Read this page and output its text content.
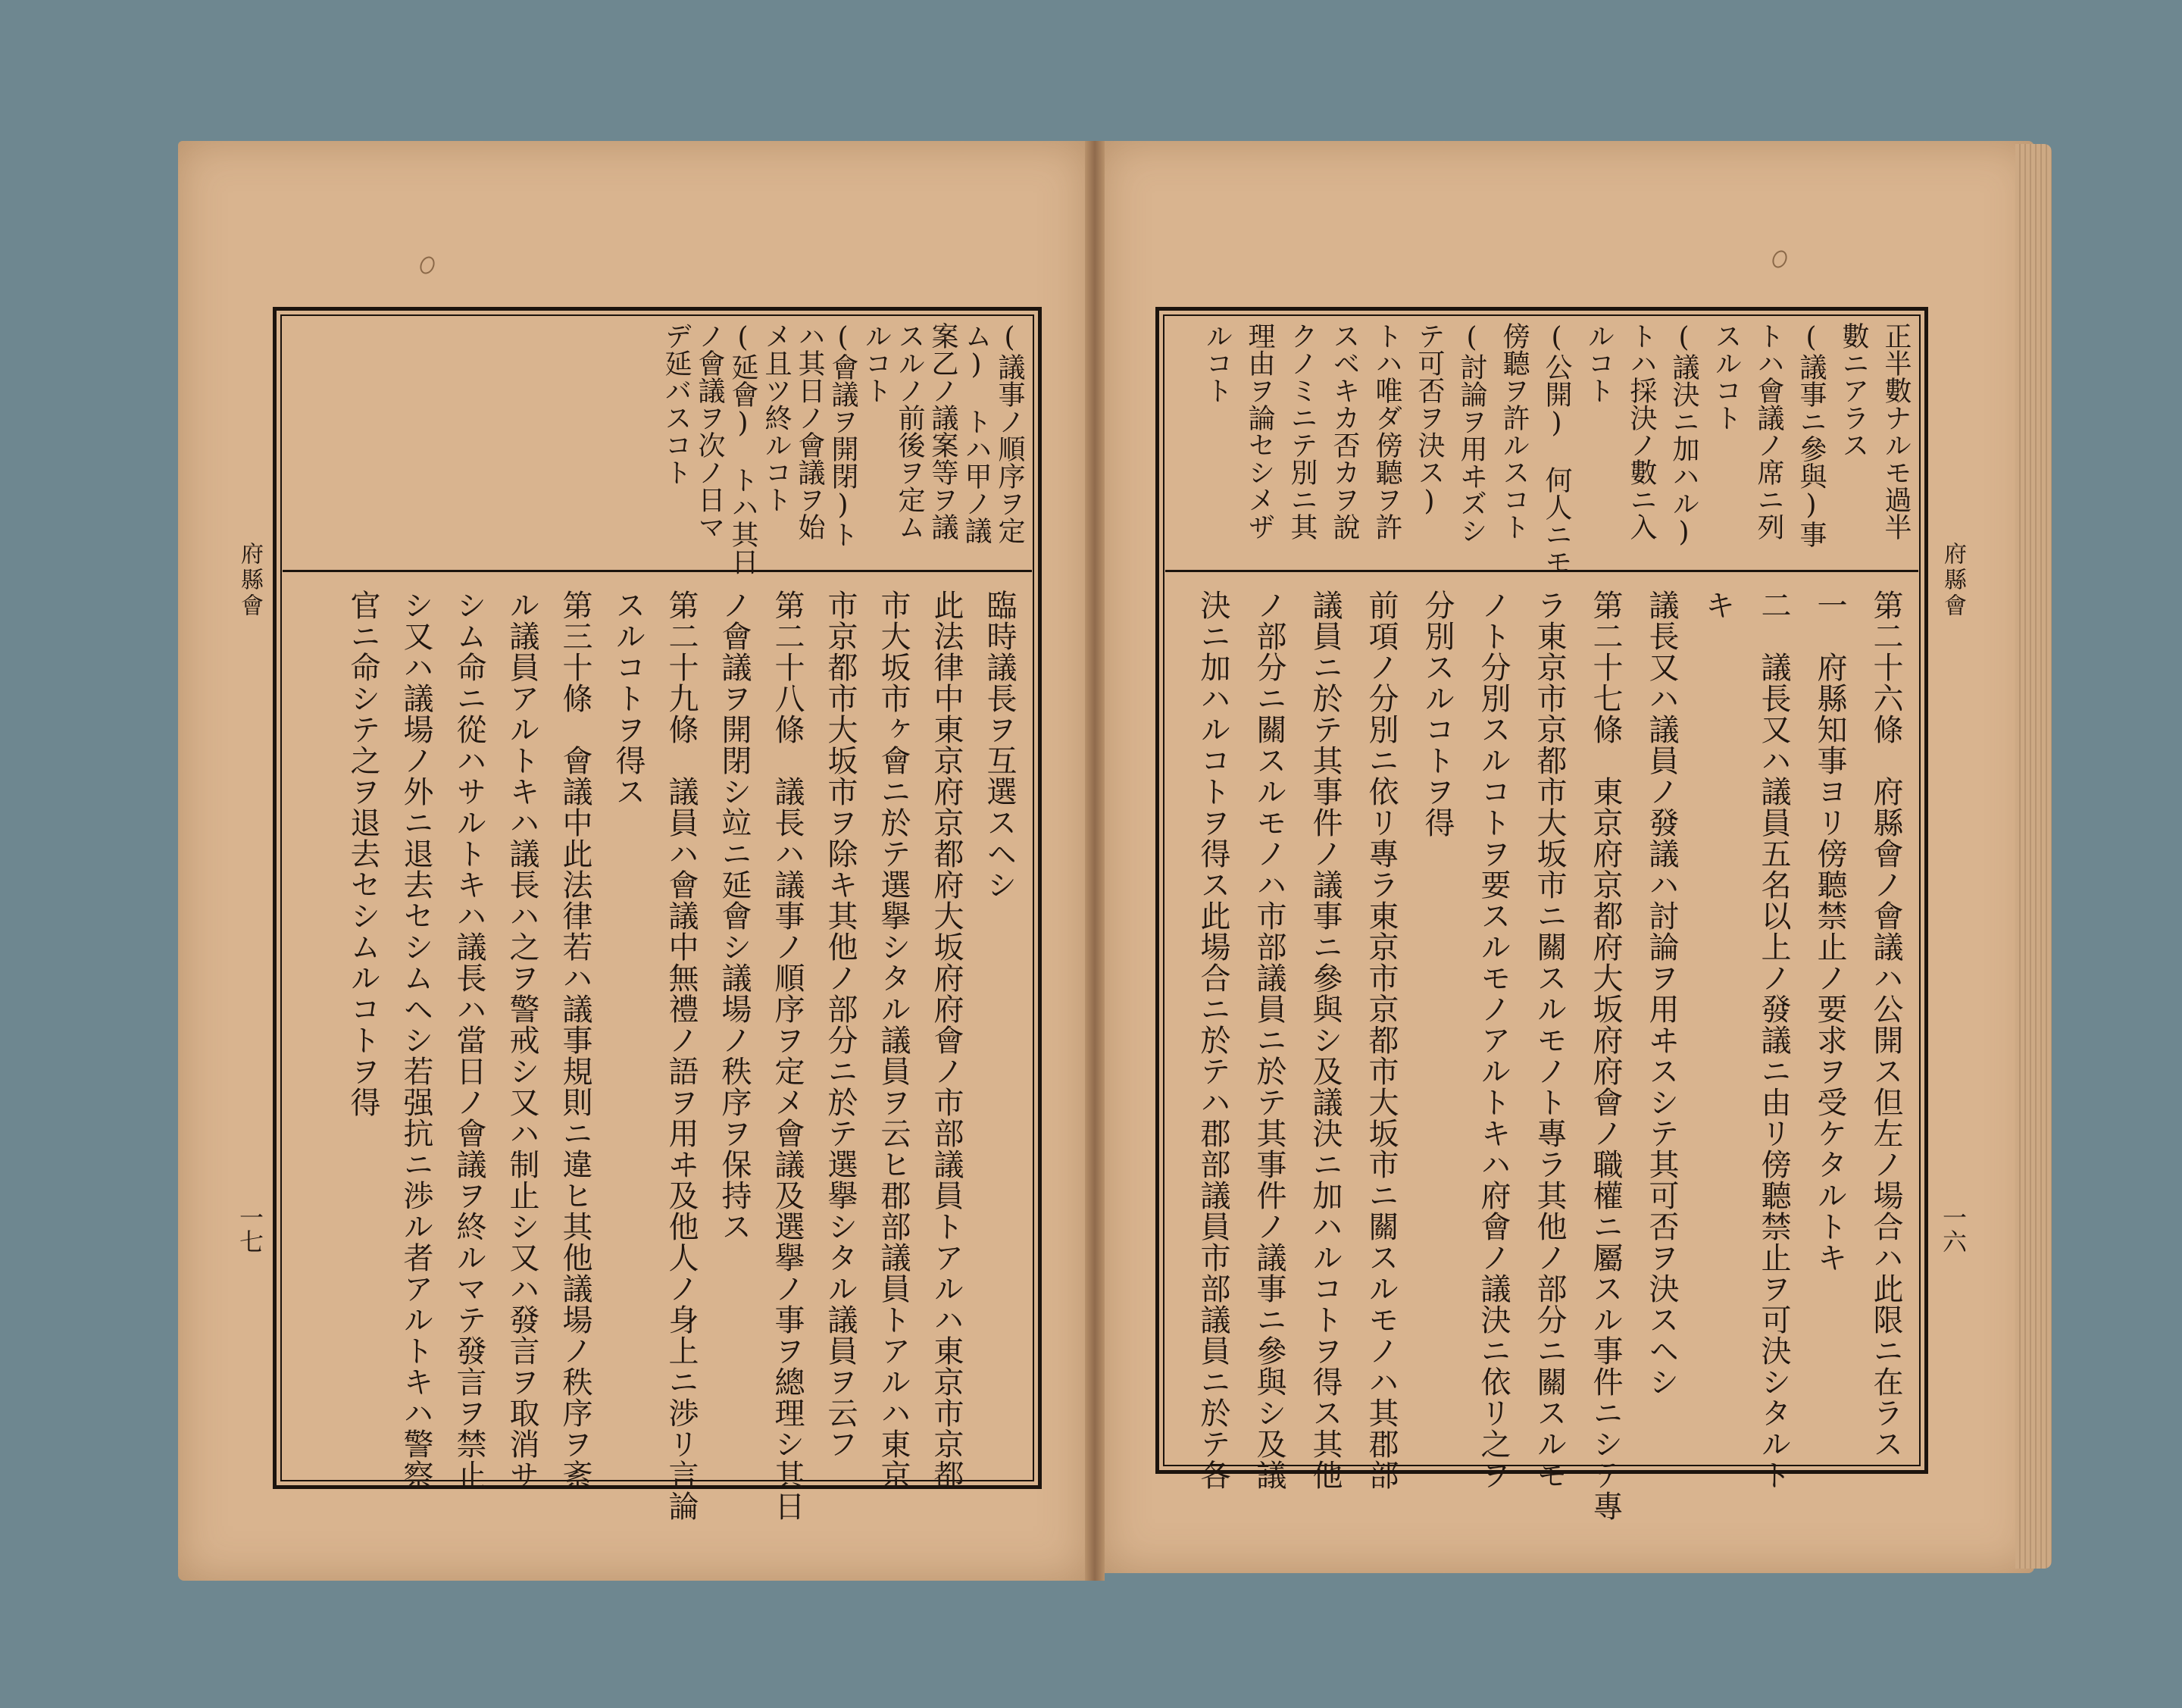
府縣會
一七
(議事ノ順序ヲ定
ム)　トハ甲ノ議
案乙ノ議案等ヲ議
スルノ前後ヲ定ム
ルコト
(會議ヲ開閉)ト
ハ其日ノ會議ヲ始
メ且ツ終ルコト
(延會)　トハ其日
ノ會議ヲ次ノ日マ
デ延バスコト
臨時議長ヲ互選スヘシ
此法律中東京府京都府大坂府府會ノ市部議員トアルハ東京市京都
市大坂市ヶ會ニ於テ選擧シタル議員ヲ云ヒ郡部議員トアルハ東京
市京都市大坂市ヲ除キ其他ノ部分ニ於テ選擧シタル議員ヲ云フ
第二十八條　議長ハ議事ノ順序ヲ定メ會議及選擧ノ事ヲ總理シ其日
ノ會議ヲ開閉シ竝ニ延會シ議場ノ秩序ヲ保持ス
第二十九條　議員ハ會議中無禮ノ語ヲ用ヰ及他人ノ身上ニ渉リ言論
スルコトヲ得ス
第三十條　會議中此法律若ハ議事規則ニ違ヒ其他議場ノ秩序ヲ紊
ル議員アルトキハ議長ハ之ヲ警戒シ又ハ制止シ又ハ發言ヲ取消サ
シム命ニ從ハサルトキハ議長ハ當日ノ會議ヲ終ルマテ發言ヲ禁止
シ又ハ議場ノ外ニ退去セシムヘシ若强抗ニ渉ル者アルトキハ警察
官ニ命シテ之ヲ退去セシムルコトヲ得
府縣會
一六
正半數ナルモ過半
數ニアラス
(議事ニ參與)事
トハ會議ノ席ニ列
スルコト
(議決ニ加ハル)
トハ採決ノ數ニ入
ルコト
(公開)　何人ニモ
傍聽ヲ許ルスコト
(討論ヲ用ヰズシ
テ可否ヲ決ス)
トハ唯ダ傍聽ヲ許
スベキカ否カヲ說
クノミニテ別ニ其
理由ヲ論セシメザ
ルコト
第二十六條　府縣會ノ會議ハ公開ス但左ノ場合ハ此限ニ在ラス
一　府縣知事ヨリ傍聽禁止ノ要求ヲ受ケタルトキ
二　議長又ハ議員五名以上ノ發議ニ由リ傍聽禁止ヲ可決シタルト
キ
議長又ハ議員ノ發議ハ討論ヲ用ヰスシテ其可否ヲ決スヘシ
第二十七條　東京府京都府大坂府府會ノ職權ニ屬スル事件ニシテ專
ラ東京市京都市大坂市ニ關スルモノト專ラ其他ノ部分ニ關スルモ
ノト分別スルコトヲ要スルモノアルトキハ府會ノ議決ニ依リ之ヲ
分別スルコトヲ得
前項ノ分別ニ依リ專ラ東京市京都市大坂市ニ關スルモノハ其郡部
議員ニ於テ其事件ノ議事ニ參與シ及議決ニ加ハルコトヲ得ス其他
ノ部分ニ關スルモノハ市部議員ニ於テ其事件ノ議事ニ參與シ及議
決ニ加ハルコトヲ得ス此場合ニ於テハ郡部議員市部議員ニ於テ各
